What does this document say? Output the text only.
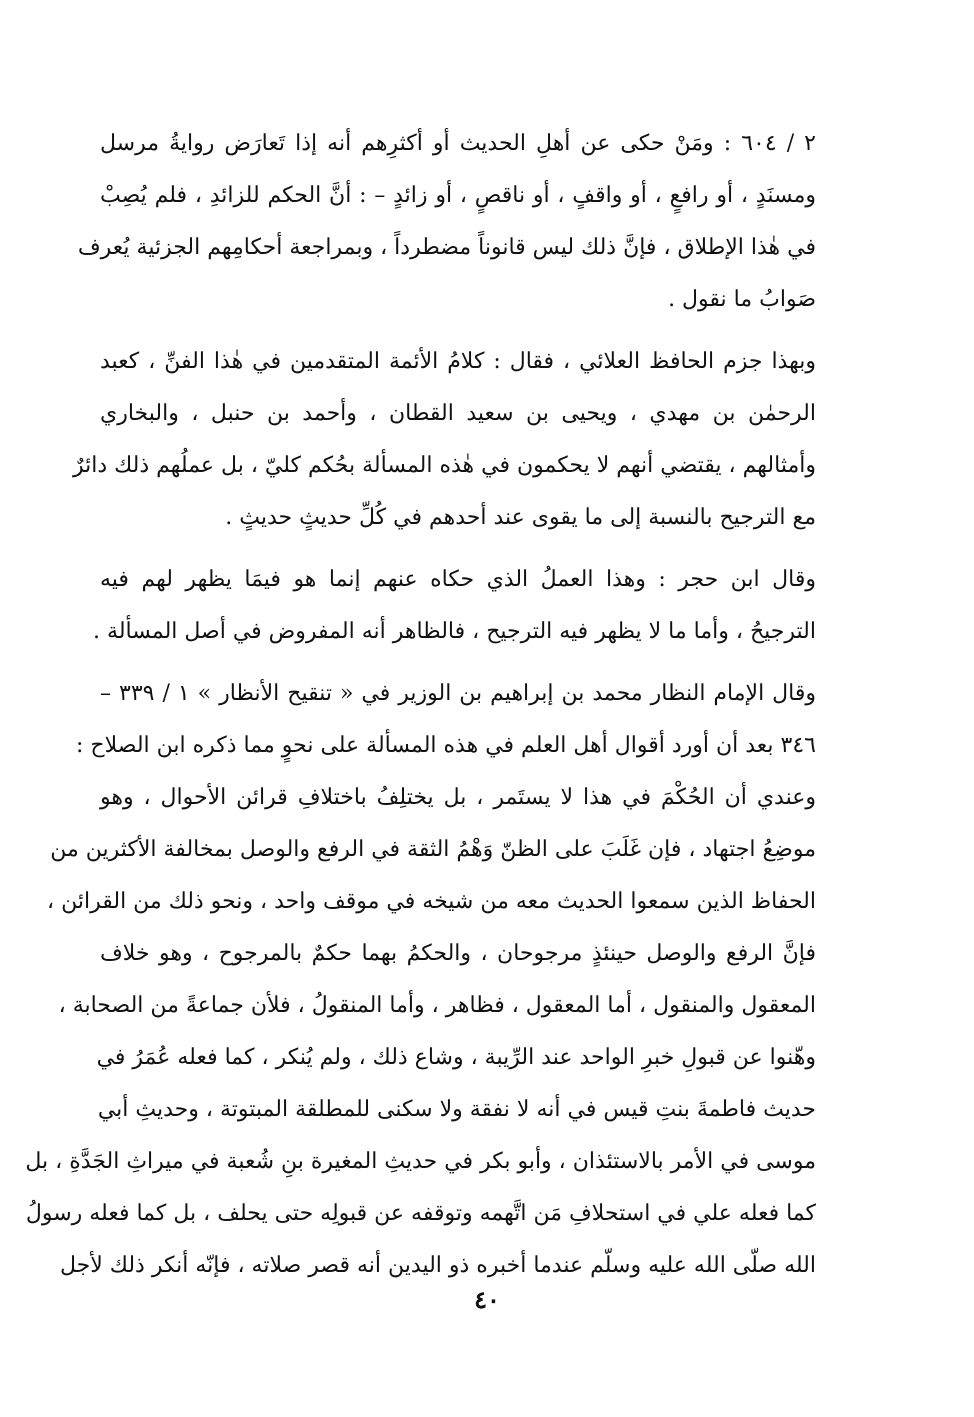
٢ / ٦٠٤ : ومَنْ حكى عن أهلِ الحديث أو أكثرِهم أنه إذا تَعارَض روايةُ مرسل
ومسنَدٍ ، أو رافعٍ ، أو واقفٍ ، أو ناقصٍ ، أو زائدٍ – : أنَّ الحكم للزائدِ ، فلم يُصِبْ
في هٰذا الإطلاق ، فإنَّ ذلك ليس قانوناً مضطرداً ، وبمراجعة أحكامِهم الجزئية يُعرف
صَوابُ ما نقول .

وبهذا جزم الحافظ العلائي ، فقال : كلامُ الأئمة المتقدمين في هٰذا الفنِّ ، كعبد
الرحمٰن بن مهدي ، ويحيى بن سعيد القطان ، وأحمد بن حنبل ، والبخاري
وأمثالهم ، يقتضي أنهم لا يحكمون في هٰذه المسألة بحُكم كليّ ، بل عملُهم ذلك دائرٌ
مع الترجيح بالنسبة إلى ما يقوى عند أحدهم في كُلِّ حديثٍ حديثٍ .

وقال ابن حجر : وهذا العملُ الذي حكاه عنهم إنما هو فيمَا يظهر لهم فيه
الترجيحُ ، وأما ما لا يظهر فيه الترجيح ، فالظاهر أنه المفروض في أصل المسألة .

وقال الإمام النظار محمد بن إبراهيم بن الوزير في « تنقيح الأنظار » ١ / ٣٣٩ –
٣٤٦ بعد أن أورد أقوال أهل العلم في هذه المسألة على نحوٍ مما ذكره ابن الصلاح :
وعندي أن الحُكْمَ في هذا لا يستَمر ، بل يختلِفُ باختلافِ قرائن الأحوال ، وهو
موضِعُ اجتهاد ، فإن غَلَبَ على الظنّ وَهْمُ الثقة في الرفع والوصل بمخالفة الأكثرين من
الحفاظ الذين سمعوا الحديث معه من شيخه في موقف واحد ، ونحو ذلك من القرائن ،
فإنَّ الرفع والوصل حينئذٍ مرجوحان ، والحكمُ بهما حكمٌ بالمرجوح ، وهو خلاف
المعقول والمنقول ، أما المعقول ، فظاهر ، وأما المنقولُ ، فلأن جماعةً من الصحابة ،
وهّنوا عن قبولِ خبرِ الواحد عند الرِّيبة ، وشاع ذلك ، ولم يُنكر ، كما فعله عُمَرُ في
حديث فاطمةَ بنتِ قيس في أنه لا نفقة ولا سكنى للمطلقة المبتوتة ، وحديثِ أبي
موسى في الأمر بالاستئذان ، وأبو بكر في حديثِ المغيرة بنِ شُعبة في ميراثِ الجَدَّةِ ، بل
كما فعله علي في استحلافِ مَن اتَّهمه وتوقفه عن قبولِه حتى يحلف ، بل كما فعله رسولُ
الله صلّى الله عليه وسلّم عندما أخبره ذو اليدين أنه قصر صلاته ، فإنّه أنكر ذلك لأجل

٤٠
